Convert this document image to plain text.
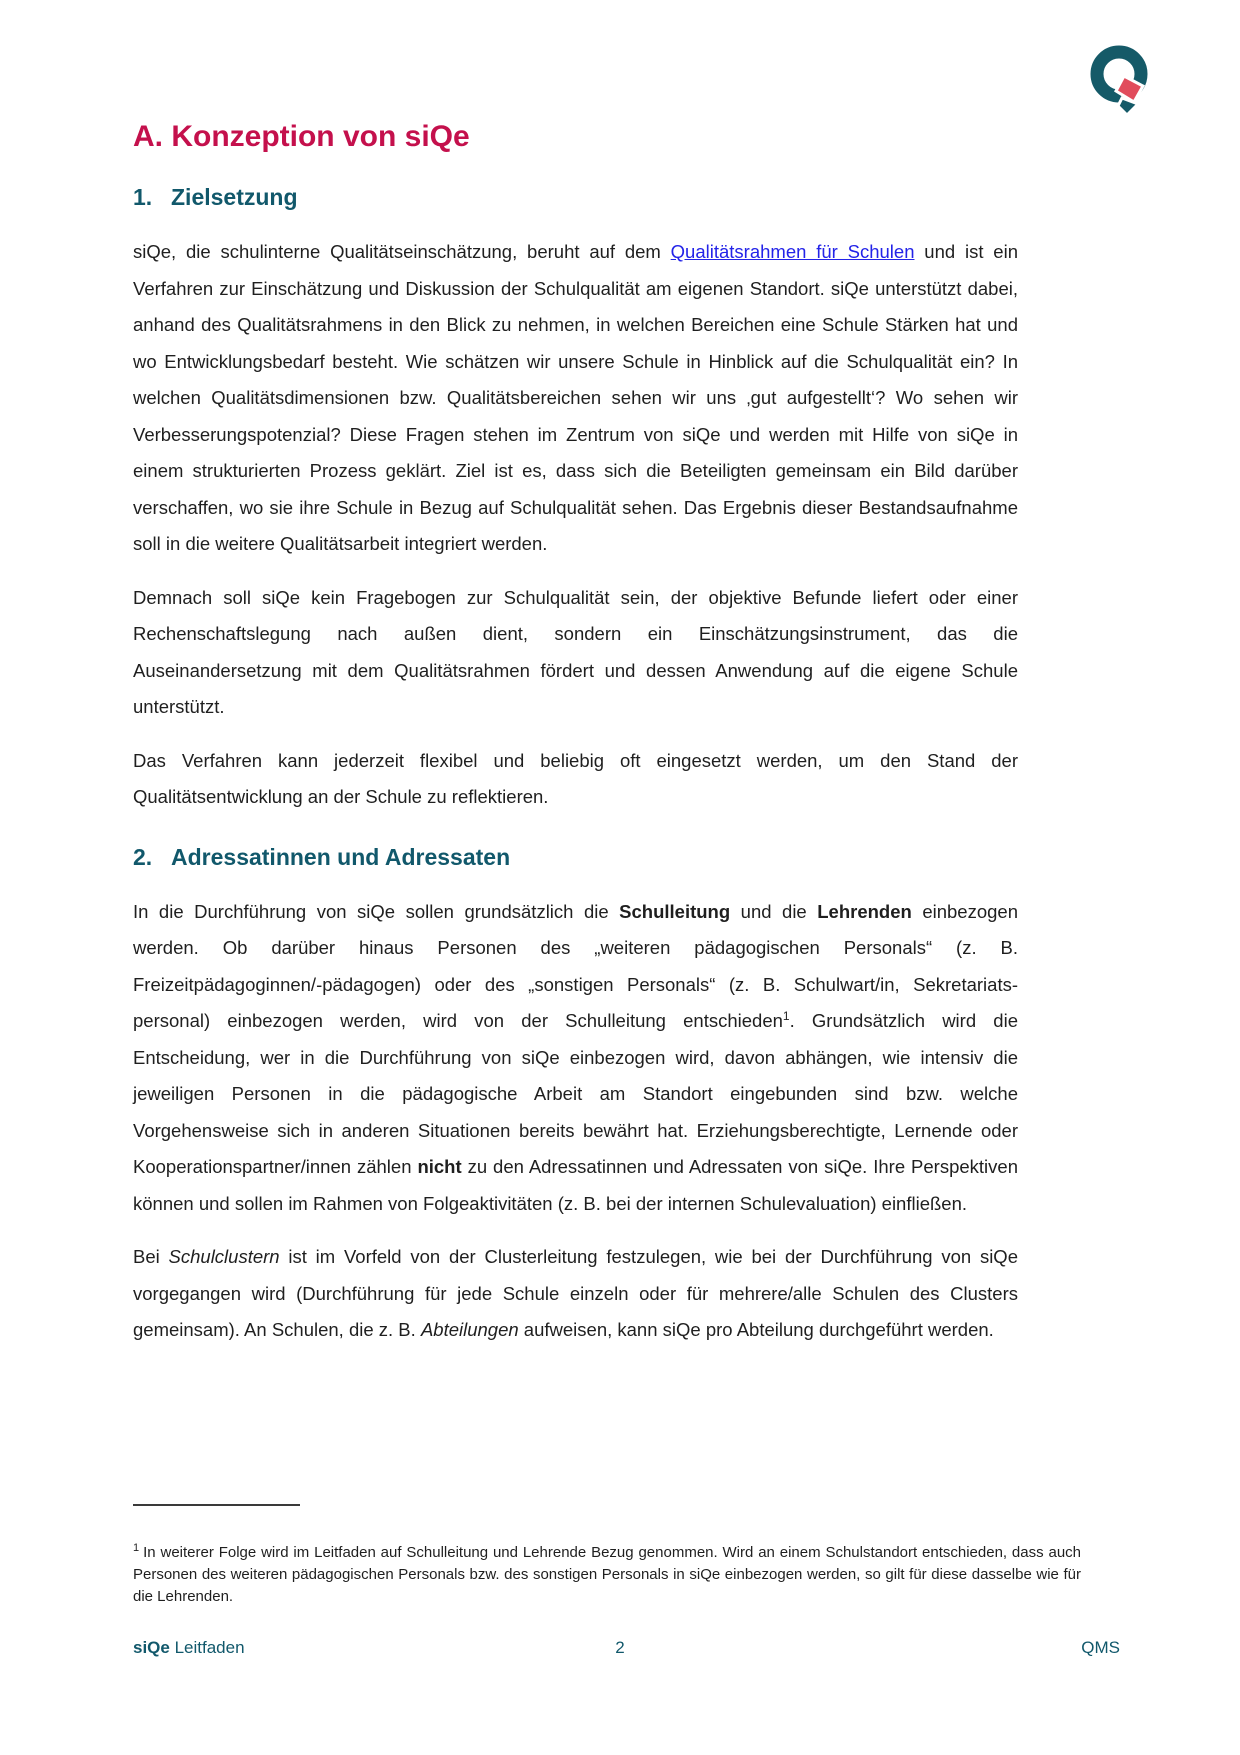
A. Konzeption von siQe
1. Zielsetzung

siQe, die schulinterne Qualitätseinschätzung, beruht auf dem Qualitätsrahmen für Schulen und ist ein Verfahren zur Einschätzung und Diskussion der Schulqualität am eigenen Standort. siQe unterstützt dabei, anhand des Qualitätsrahmens in den Blick zu nehmen, in welchen Bereichen eine Schule Stärken hat und wo Entwicklungsbedarf besteht. Wie schätzen wir unsere Schule in Hinblick auf die Schulqualität ein? In welchen Qualitätsdimensionen bzw. Qualitätsbereichen sehen wir uns ‚gut aufgestellt‘? Wo sehen wir Verbesserungspotenzial? Diese Fragen stehen im Zentrum von siQe und werden mit Hilfe von siQe in einem strukturierten Prozess geklärt. Ziel ist es, dass sich die Beteiligten gemeinsam ein Bild darüber verschaffen, wo sie ihre Schule in Bezug auf Schulqualität sehen. Das Ergebnis dieser Bestandsaufnahme soll in die weitere Qualitätsarbeit integriert werden.

Demnach soll siQe kein Fragebogen zur Schulqualität sein, der objektive Befunde liefert oder einer Rechenschaftslegung nach außen dient, sondern ein Einschätzungsinstrument, das die Auseinandersetzung mit dem Qualitätsrahmen fördert und dessen Anwendung auf die eigene Schule unterstützt.

Das Verfahren kann jederzeit flexibel und beliebig oft eingesetzt werden, um den Stand der Qualitätsentwicklung an der Schule zu reflektieren.

2. Adressatinnen und Adressaten

In die Durchführung von siQe sollen grundsätzlich die Schulleitung und die Lehrenden einbezogen werden. Ob darüber hinaus Personen des „weiteren pädagogischen Personals“ (z. B. Freizeitpädagoginnen/-pädagogen) oder des „sonstigen Personals“ (z. B. Schulwart/in, Sekretariats- personal) einbezogen werden, wird von der Schulleitung entschieden$^1$. Grundsätzlich wird die Entscheidung, wer in die Durchführung von siQe einbezogen wird, davon abhängen, wie intensiv die jeweiligen Personen in die pädagogische Arbeit am Standort eingebunden sind bzw. welche Vorgehensweise sich in anderen Situationen bereits bewährt hat. Erziehungsberechtigte, Lernende oder Kooperationspartner/innen zählen nicht zu den Adressatinnen und Adressaten von siQe. Ihre Perspektiven können und sollen im Rahmen von Folgeaktivitäten (z. B. bei der internen Schulevaluation) einfließen.

Bei Schulclustern ist im Vorfeld von der Clusterleitung festzulegen, wie bei der Durchführung von siQe vorgegangen wird (Durchführung für jede Schule einzeln oder für mehrere/alle Schulen des Clusters gemeinsam). An Schulen, die z. B. Abteilungen aufweisen, kann siQe pro Abteilung durchgeführt werden.

$^1$ In weiterer Folge wird im Leitfaden auf Schulleitung und Lehrende Bezug genommen. Wird an einem Schulstandort entschieden, dass auch Personen des weiteren pädagogischen Personals bzw. des sonstigen Personals in siQe einbezogen werden, so gilt für diese dasselbe wie für die Lehrenden.

siQe Leitfaden	2	QMS
